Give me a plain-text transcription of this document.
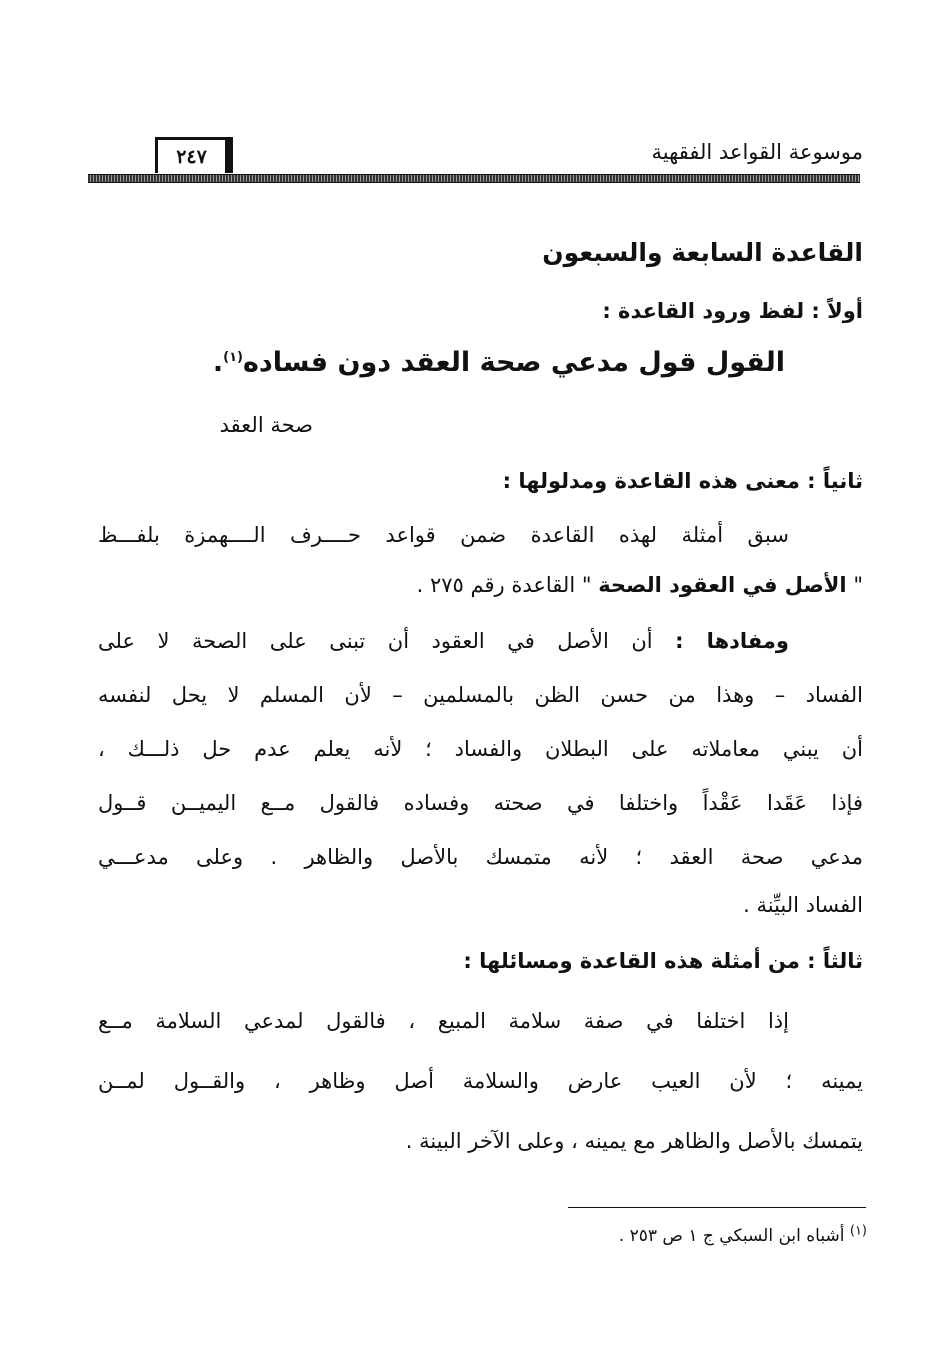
موسوعة القواعد الفقهية
٢٤٧
القاعدة السابعة والسبعون
أولاً : لفظ ورود القاعدة :
القول قول مدعي صحة العقد دون فساده$^{(١)}$.
صحة العقد
ثانياً : معنى هذه القاعدة ومدلولها :
سبق أمثلة لهذه القاعدة ضمن قواعد حــــرف الــــهمزة بلفـــظ
" الأصل في العقود الصحة " القاعدة رقم ٢٧٥ .
ومفادها : أن الأصل في العقود أن تبنى على الصحة لا على
الفساد – وهذا من حسن الظن بالمسلمين – لأن المسلم لا يحل لنفسه
أن يبني معاملاته على البطلان والفساد ؛ لأنه يعلم عدم حل ذلـــك ،
فإذا عَقَدا عَقْداً واختلفا في صحته وفساده فالقول مــع اليميــن قــول
مدعي صحة العقد ؛ لأنه متمسك بالأصل والظاهر . وعلى مدعـــي
الفساد البيِّنة .
ثالثاً : من أمثلة هذه القاعدة ومسائلها :
إذا اختلفا في صفة سلامة المبيع ، فالقول لمدعي السلامة مــع
يمينه ؛ لأن العيب عارض والسلامة أصل وظاهر ، والقــول لمــن
يتمسك بالأصل والظاهر مع يمينه ، وعلى الآخر البينة .
$^{(١)}$ أشباه ابن السبكي ج ١ ص ٢٥٣ .
